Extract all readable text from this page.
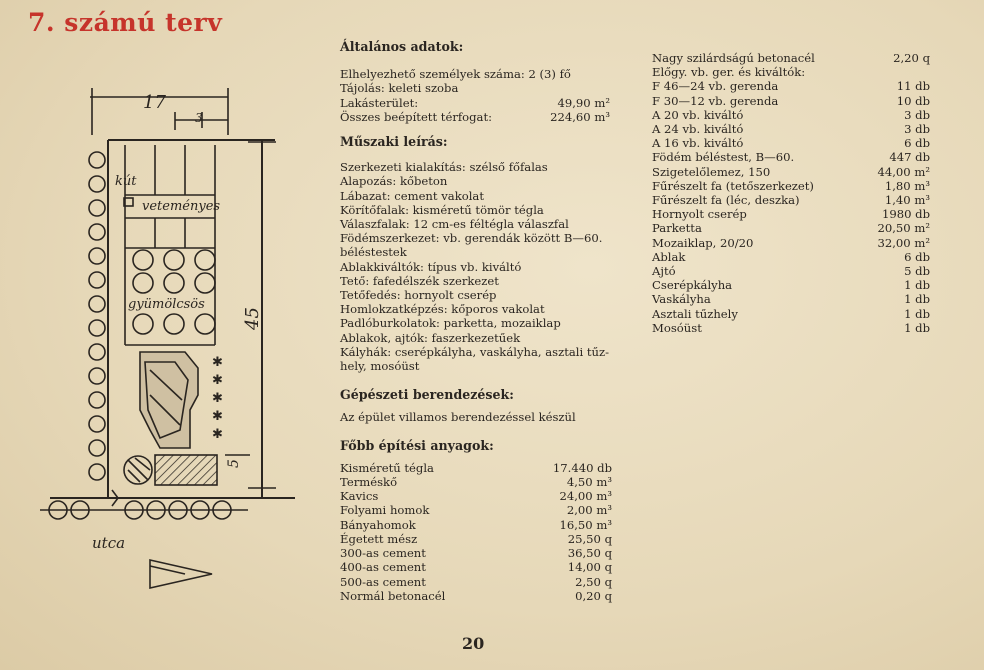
7. számú terv
✱
✱
✱
✱
✱
17
3
45
5
kút
veteményes
gyümölcsös
utca
Általános adatok:
Elhelyezhető személyek száma: 2 (3) fő
Tájolás: keleti szoba
Lakásterület:	49,90 m²
Összes beépített térfogat:	224,60 m³
Műszaki leírás:
Szerkezeti kialakítás: szélső főfalas
Alapozás: kőbeton
Lábazat: cement vakolat
Körítőfalak: kisméretű tömör tégla
Válaszfalak: 12 cm-es féltégla válaszfal
Födémszerkezet: vb. gerendák között B—60.
béléstestek
Ablakkiváltók: típus vb. kiváltó
Tető: fafedélszék szerkezet
Tetőfedés: hornyolt cserép
Homlokzatképzés: kőporos vakolat
Padlóburkolatok: parketta, mozaiklap
Ablakok, ajtók: faszerkezetűek
Kályhák: cserépkályha, vaskályha, asztali tűz-
hely, mosóüst
Gépészeti berendezések:
Az épület villamos berendezéssel készül
Főbb építési anyagok:
Kisméretű tégla	17.440 db
Terméskő	4,50 m³
Kavics	24,00 m³
Folyami homok	2,00 m³
Bányahomok	16,50 m³
Égetett mész	25,50 q
300-as cement	36,50 q
400-as cement	14,00 q
500-as cement	2,50 q
Normál betonacél	0,20 q
Nagy szilárdságú betonacél	2,20 q
Előgy. vb. ger. és kiváltók:
F 46—24 vb. gerenda	11 db
F 30—12 vb. gerenda	10 db
A 20 vb. kiváltó	3 db
A 24 vb. kiváltó	3 db
A 16 vb. kiváltó	6 db
Födém béléstest, B—60.	447 db
Szigetelőlemez, 150	44,00 m²
Fűrészelt fa (tetőszerkezet)	1,80 m³
Fűrészelt fa (léc, deszka)	1,40 m³
Hornyolt cserép	1980 db
Parketta	20,50 m²
Mozaiklap, 20/20	32,00 m²
Ablak	6 db
Ajtó	5 db
Cserépkályha	1 db
Vaskályha	1 db
Asztali tűzhely	1 db
Mosóüst	1 db
20
